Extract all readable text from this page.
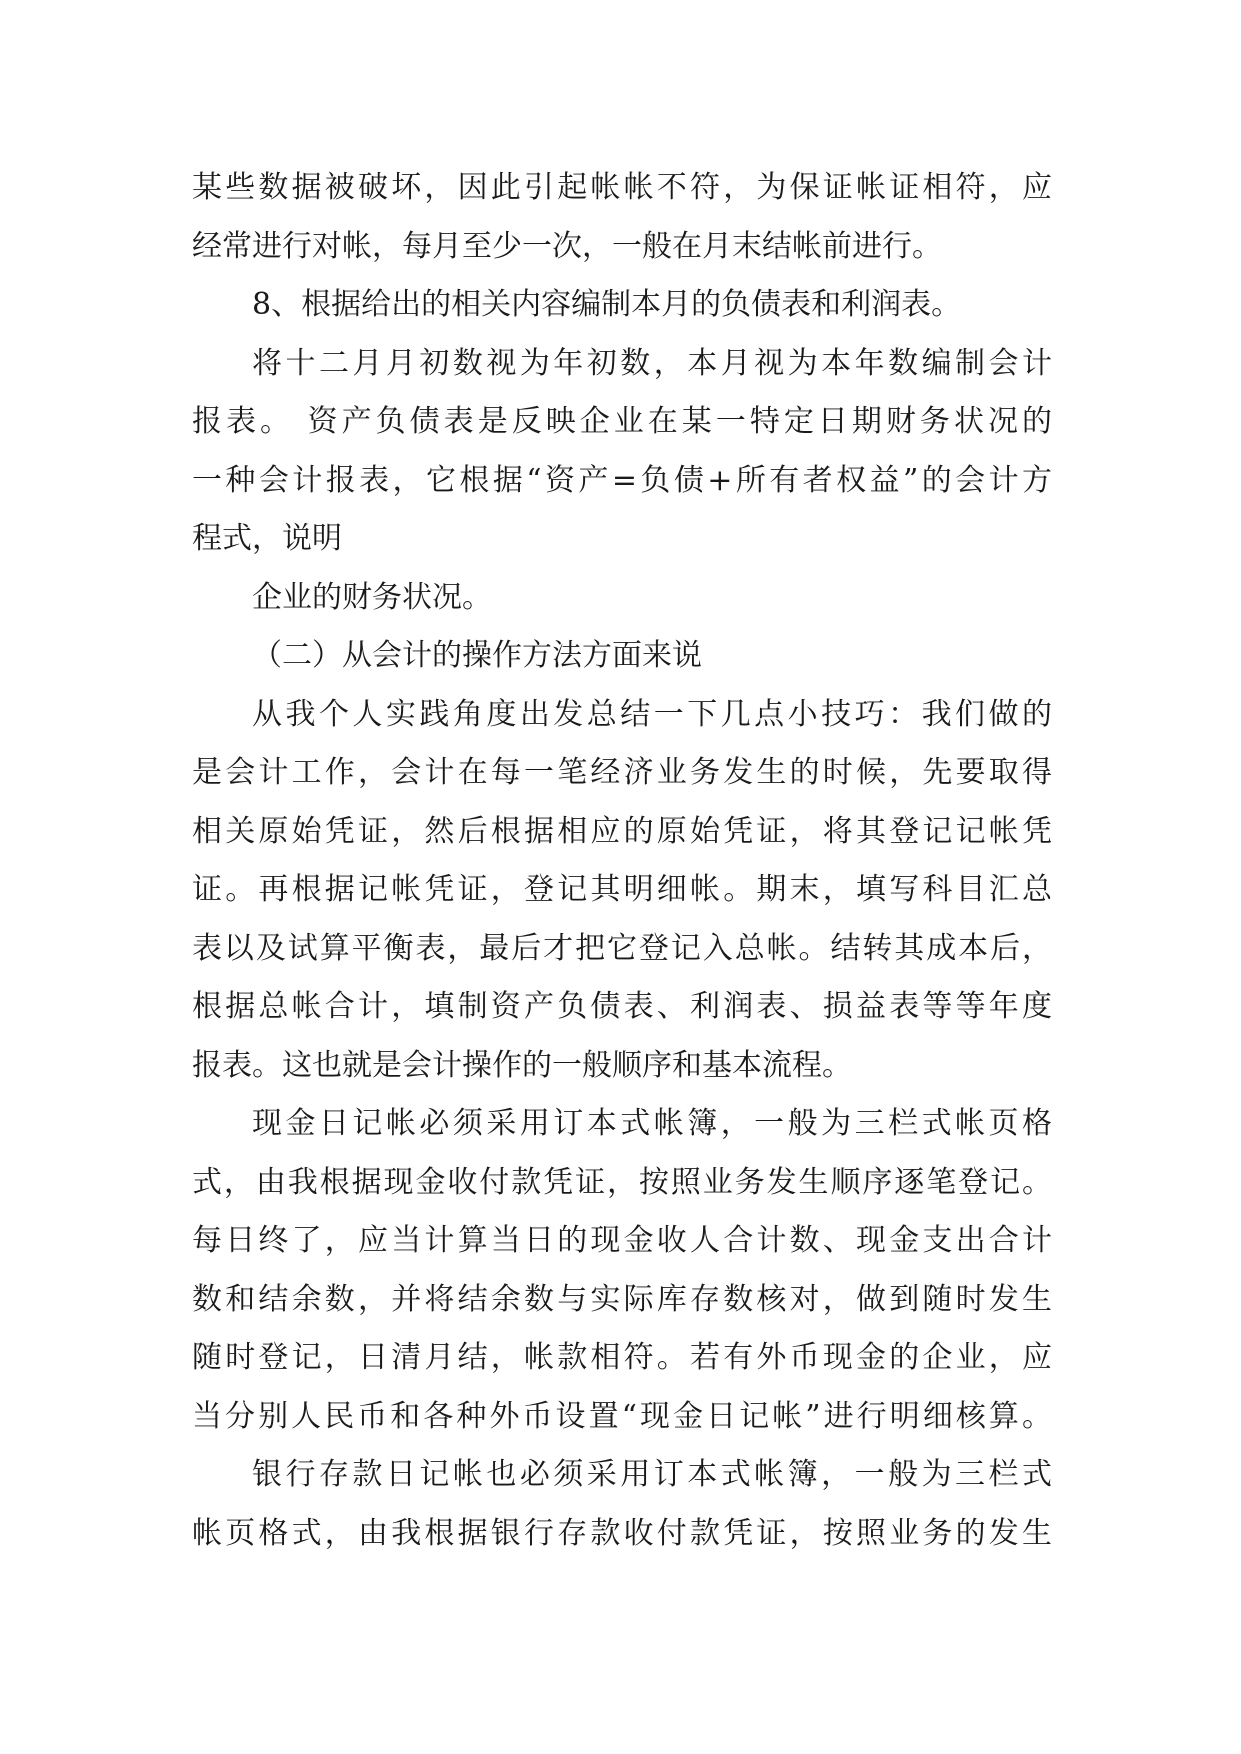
某些数据被破坏，因此引起帐帐不符，为保证帐证相符，应

经常进行对帐，每月至少一次，一般在月末结帐前进行。

8、根据给出的相关内容编制本月的负债表和利润表。

将十二月月初数视为年初数，本月视为本年数编制会计

报表。 资产负债表是反映企业在某一特定日期财务状况的

一种会计报表，它根据“资产=负债+所有者权益”的会计方

程式，说明

企业的财务状况。

（二）从会计的操作方法方面来说

从我个人实践角度出发总结一下几点小技巧：我们做的

是会计工作，会计在每一笔经济业务发生的时候，先要取得

相关原始凭证，然后根据相应的原始凭证，将其登记记帐凭

证。再根据记帐凭证，登记其明细帐。期末，填写科目汇总

表以及试算平衡表，最后才把它登记入总帐。结转其成本后，

根据总帐合计，填制资产负债表、利润表、损益表等等年度

报表。这也就是会计操作的一般顺序和基本流程。

现金日记帐必须采用订本式帐簿，一般为三栏式帐页格

式，由我根据现金收付款凭证，按照业务发生顺序逐笔登记。

每日终了，应当计算当日的现金收人合计数、现金支出合计

数和结余数，并将结余数与实际库存数核对，做到随时发生

随时登记，日清月结，帐款相符。若有外币现金的企业，应

当分别人民币和各种外币设置“现金日记帐”进行明细核算。

银行存款日记帐也必须采用订本式帐簿，一般为三栏式

帐页格式，由我根据银行存款收付款凭证，按照业务的发生
